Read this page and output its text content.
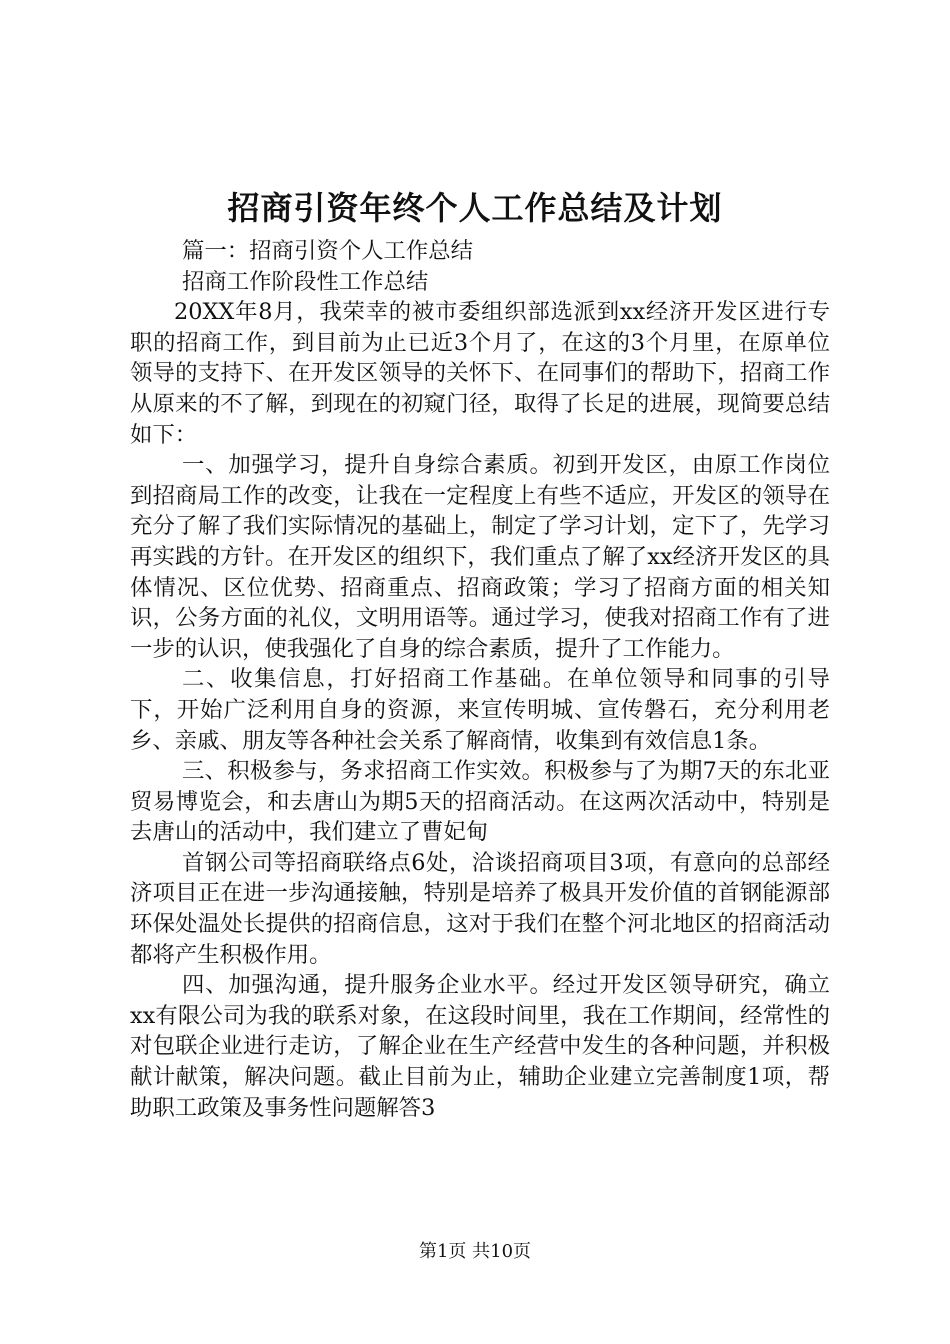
招商引资年终个人工作总结及计划

篇一：招商引资个人工作总结

招商工作阶段性工作总结

20XX年8月，我荣幸的被市委组织部选派到xx经济开发区进行专职的招商工作，到目前为止已近3个月了，在这的3个月里，在原单位领导的支持下、在开发区领导的关怀下、在同事们的帮助下，招商工作从原来的不了解，到现在的初窥门径，取得了长足的进展，现简要总结如下：

一、加强学习，提升自身综合素质。初到开发区，由原工作岗位到招商局工作的改变，让我在一定程度上有些不适应，开发区的领导在充分了解了我们实际情况的基础上，制定了学习计划，定下了，先学习再实践的方针。在开发区的组织下，我们重点了解了xx经济开发区的具体情况、区位优势、招商重点、招商政策；学习了招商方面的相关知识，公务方面的礼仪，文明用语等。通过学习，使我对招商工作有了进一步的认识，使我强化了自身的综合素质，提升了工作能力。

二、收集信息，打好招商工作基础。在单位领导和同事的引导下，开始广泛利用自身的资源，来宣传明城、宣传磐石，充分利用老乡、亲戚、朋友等各种社会关系了解商情，收集到有效信息1条。

三、积极参与，务求招商工作实效。积极参与了为期7天的东北亚贸易博览会，和去唐山为期5天的招商活动。在这两次活动中，特别是去唐山的活动中，我们建立了曹妃甸

首钢公司等招商联络点6处，洽谈招商项目3项，有意向的总部经济项目正在进一步沟通接触，特别是培养了极具开发价值的首钢能源部环保处温处长提供的招商信息，这对于我们在整个河北地区的招商活动都将产生积极作用。

四、加强沟通，提升服务企业水平。经过开发区领导研究，确立xx有限公司为我的联系对象，在这段时间里，我在工作期间，经常性的对包联企业进行走访，了解企业在生产经营中发生的各种问题，并积极献计献策，解决问题。截止目前为止，辅助企业建立完善制度1项，帮助职工政策及事务性问题解答3

第1页 共10页
